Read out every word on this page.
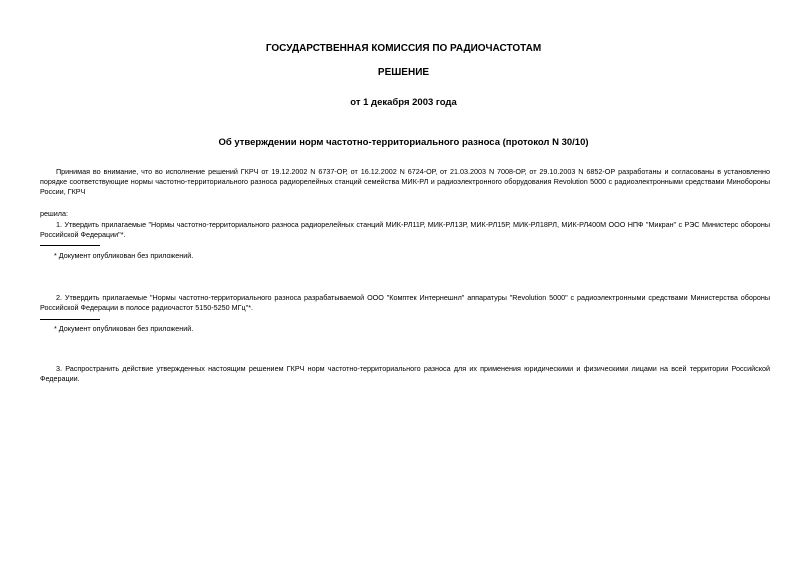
ГОСУДАРСТВЕННАЯ КОМИССИЯ ПО РАДИОЧАСТОТАМ
РЕШЕНИЕ
от 1 декабря 2003 года
Об утверждении норм частотно-территориального разноса (протокол N 30/10)
Принимая во внимание, что во исполнение решений ГКРЧ от 19.12.2002 N 6737-ОР, от 16.12.2002 N 6724-ОР, от 21.03.2003 N 7008-ОР, от 29.10.2003 N 6852-ОР разработаны и согласованы в установленно порядке соответствующие нормы частотно-территориального разноса радиорелейных станций семейства МИК-РЛ и радиоэлектронного оборудования Revolution 5000 с радиоэлектронными средствами Минобороны России, ГКРЧ
решила:
1. Утвердить прилагаемые "Нормы частотно-территориального разноса радиорелейных станций МИК-РЛ11Р, МИК-РЛ13Р, МИК-РЛ15Р, МИК-РЛ18РЛ, МИК-РЛ400М ООО НПФ "Микран" с РЭС Министерс обороны Российской Федерации"*.
* Документ опубликован без приложений.
2. Утвердить прилагаемые "Нормы частотно-территориального разноса разрабатываемой ООО "Комптек Интернешнл" аппаратуры "Revolution 5000" с радиоэлектронными средствами Министерства обороны Российской Федерации в полосе радиочастот 5150-5250 МГц"*.
* Документ опубликован без приложений.
3. Распространить действие утвержденных настоящим решением ГКРЧ норм частотно-территориального разноса для их применения юридическими и физическими лицами на всей территории Российской Федерации.
